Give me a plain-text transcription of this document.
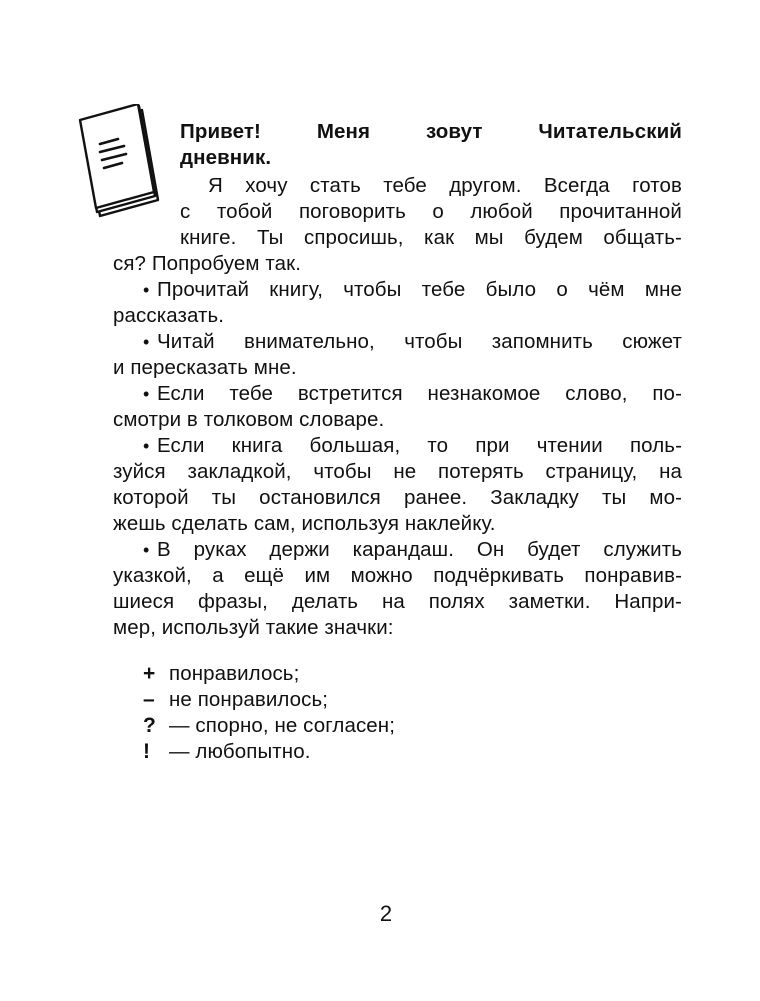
Привет! Меня зовут Читательский
дневник.
Я хочу стать тебе другом. Всегда готов
с тобой поговорить о любой прочитанной
книге. Ты спросишь, как мы будем общать-
ся? Попробуем так.
• Прочитай книгу, чтобы тебе было о чём мне
рассказать.
• Читай внимательно, чтобы запомнить сюжет
и пересказать мне.
• Если тебе встретится незнакомое слово, по-
смотри в толковом словаре.
• Если книга большая, то при чтении поль-
зуйся закладкой, чтобы не потерять страницу, на
которой ты остановился ранее. Закладку ты мо-
жешь сделать сам, используя наклейку.
• В руках держи карандаш. Он будет служить
указкой, а ещё им можно подчёркивать понравив-
шиеся фразы, делать на полях заметки. Напри-
мер, используй такие значки:
+ понравилось;
– не понравилось;
? — спорно, не согласен;
! — любопытно.
2
